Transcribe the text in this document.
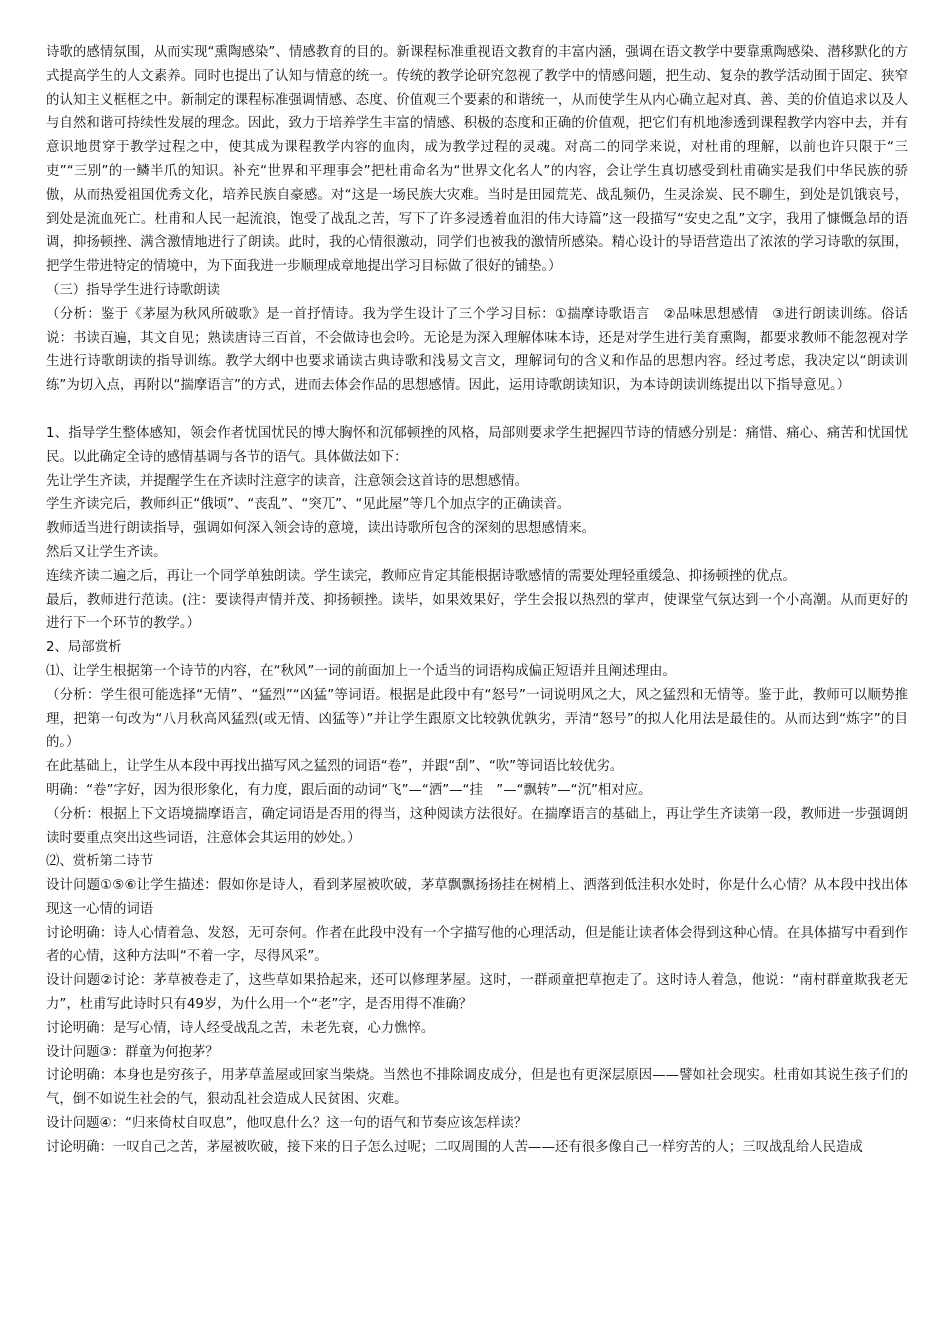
诗歌的感情氛围，从而实现“熏陶感染”、情感教育的目的。新课程标准重视语文教育的丰富内涵，强调在语文教学中要靠熏陶感染、潜移默化的方式提高学生的人文素养。同时也提出了认知与情意的统一。传统的教学论研究忽视了教学中的情感问题，把生动、复杂的教学活动囿于固定、狭窄的认知主义框框之中。新制定的课程标准强调情感、态度、价值观三个要素的和谐统一，从而使学生从内心确立起对真、善、美的价值追求以及人与自然和谐可持续性发展的理念。因此，致力于培养学生丰富的情感、积极的态度和正确的价值观，把它们有机地渗透到课程教学内容中去，并有意识地贯穿于教学过程之中，使其成为课程教学内容的血肉，成为教学过程的灵魂。对高二的同学来说，对杜甫的理解，以前也许只限于“三吏”“三别”的一鳞半爪的知识。补充“世界和平理事会”把杜甫命名为“世界文化名人”的内容，会让学生真切感受到杜甫确实是我们中华民族的骄傲，从而热爱祖国优秀文化，培养民族自豪感。对“这是一场民族大灾难。当时是田园荒芜、战乱频仍，生灵涂炭、民不聊生，到处是饥饿哀号，到处是流血死亡。杜甫和人民一起流浪，饱受了战乱之苦，写下了许多浸透着血泪的伟大诗篇”这一段描写“安史之乱”文字，我用了慷慨急昂的语调，抑扬顿挫、满含激情地进行了朗读。此时，我的心情很激动，同学们也被我的激情所感染。精心设计的导语营造出了浓浓的学习诗歌的氛围，把学生带进特定的情境中，为下面我进一步顺理成章地提出学习目标做了很好的铺垫。）

（三）指导学生进行诗歌朗读

（分析：鉴于《茅屋为秋风所破歌》是一首抒情诗。我为学生设计了三个学习目标：①揣摩诗歌语言　②品味思想感情　③进行朗读训练。俗话说：书读百遍，其文自见；熟读唐诗三百首，不会做诗也会吟。无论是为深入理解体味本诗，还是对学生进行美育熏陶，都要求教师不能忽视对学生进行诗歌朗读的指导训练。教学大纲中也要求诵读古典诗歌和浅易文言文，理解词句的含义和作品的思想内容。经过考虑，我决定以“朗读训练”为切入点，再附以“揣摩语言”的方式，进而去体会作品的思想感情。因此，运用诗歌朗读知识，为本诗朗读训练提出以下指导意见。）

1、指导学生整体感知，领会作者忧国忧民的博大胸怀和沉郁顿挫的风格，局部则要求学生把握四节诗的情感分别是：痛惜、痛心、痛苦和忧国忧民。以此确定全诗的感情基调与各节的语气。具体做法如下：

先让学生齐读，并提醒学生在齐读时注意字的读音，注意领会这首诗的思想感情。

学生齐读完后，教师纠正“俄顷”、“丧乱”、“突兀”、“见此屋”等几个加点字的正确读音。

教师适当进行朗读指导，强调如何深入领会诗的意境，读出诗歌所包含的深刻的思想感情来。

然后又让学生齐读。

连续齐读二遍之后，再让一个同学单独朗读。学生读完，教师应肯定其能根据诗歌感情的需要处理轻重缓急、抑扬顿挫的优点。

最后，教师进行范读。(注：要读得声情并茂、抑扬顿挫。读毕，如果效果好，学生会报以热烈的掌声，使课堂气氛达到一个小高潮。从而更好的进行下一个环节的教学。）

2、局部赏析

⑴、让学生根据第一个诗节的内容，在“秋风”一词的前面加上一个适当的词语构成偏正短语并且阐述理由。

（分析：学生很可能选择“无情”、“猛烈”“凶猛”等词语。根据是此段中有“怒号”一词说明风之大，风之猛烈和无情等。鉴于此，教师可以顺势推理，把第一句改为“八月秋高风猛烈(或无情、凶猛等）”并让学生跟原文比较孰优孰劣，弄清“怒号”的拟人化用法是最佳的。从而达到“炼字”的目的。）

在此基础上，让学生从本段中再找出描写风之猛烈的词语“卷”，并跟“刮”、“吹”等词语比较优劣。

明确：“卷”字好，因为很形象化，有力度，跟后面的动词“飞”—“洒”—“挂　”—“飘转”—“沉”相对应。

（分析：根据上下文语境揣摩语言，确定词语是否用的得当，这种阅读方法很好。在揣摩语言的基础上，再让学生齐读第一段，教师进一步强调朗读时要重点突出这些词语，注意体会其运用的妙处。）

⑵、赏析第二诗节

设计问题①⑤⑥让学生描述：假如你是诗人，看到茅屋被吹破，茅草飘飘扬扬挂在树梢上、洒落到低洼积水处时，你是什么心情？从本段中找出体现这一心情的词语

讨论明确：诗人心情着急、发怒，无可奈何。作者在此段中没有一个字描写他的心理活动，但是能让读者体会得到这种心情。在具体描写中看到作者的心情，这种方法叫“不着一字，尽得风采”。

设计问题②讨论：茅草被卷走了，这些草如果拾起来，还可以修理茅屋。这时，一群顽童把草抱走了。这时诗人着急，他说：“南村群童欺我老无力”，杜甫写此诗时只有49岁，为什么用一个“老”字，是否用得不准确？

讨论明确：是写心情，诗人经受战乱之苦，未老先衰，心力憔悴。

设计问题③：群童为何抱茅？

讨论明确：本身也是穷孩子，用茅草盖屋或回家当柴烧。当然也不排除调皮成分，但是也有更深层原因——譬如社会现实。杜甫如其说生孩子们的气，倒不如说生社会的气，狠动乱社会造成人民贫困、灾难。

设计问题④：“归来倚杖自叹息”，他叹息什么？这一句的语气和节奏应该怎样读？

讨论明确：一叹自己之苦，茅屋被吹破，接下来的日子怎么过呢；二叹周围的人苦——还有很多像自己一样穷苦的人；三叹战乱给人民造成
